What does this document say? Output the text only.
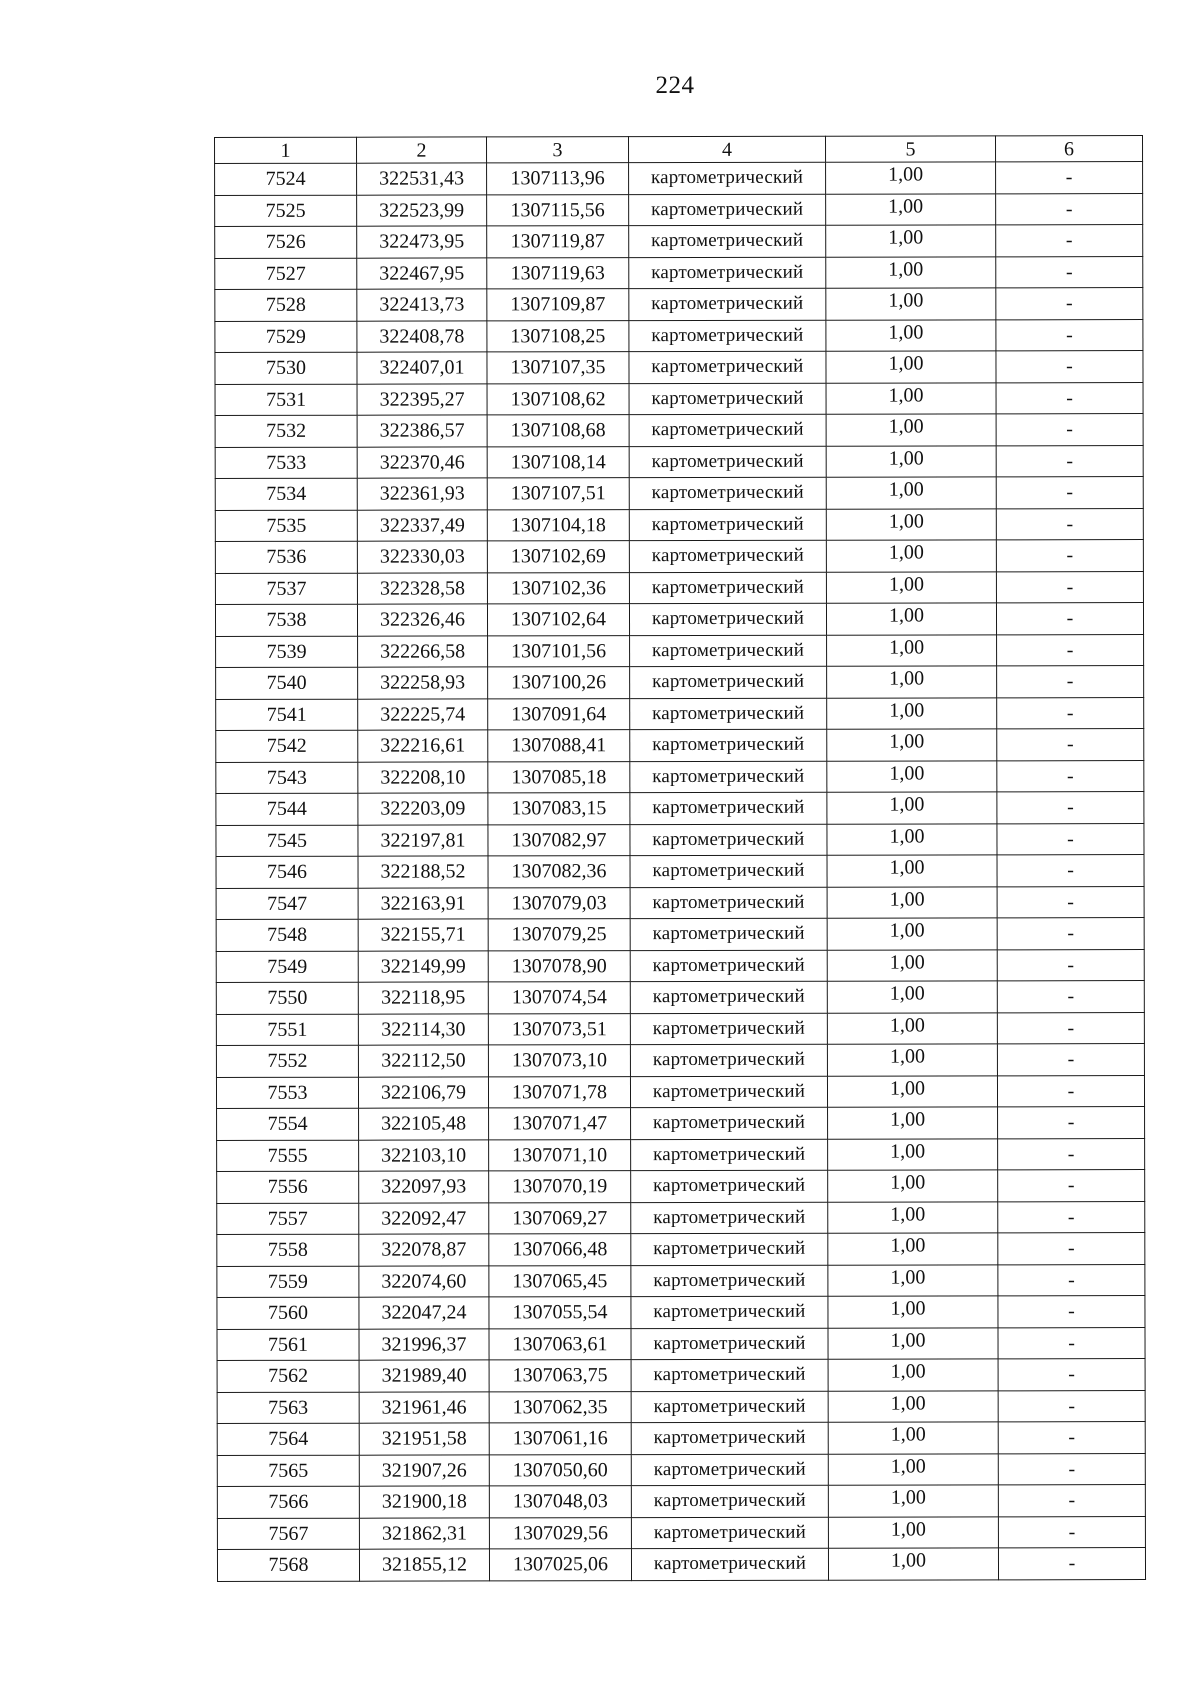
224
1	2	3	4	5	6
7524	322531,43	1307113,96	картометрический	1,00	-
7525	322523,99	1307115,56	картометрический	1,00	-
7526	322473,95	1307119,87	картометрический	1,00	-
7527	322467,95	1307119,63	картометрический	1,00	-
7528	322413,73	1307109,87	картометрический	1,00	-
7529	322408,78	1307108,25	картометрический	1,00	-
7530	322407,01	1307107,35	картометрический	1,00	-
7531	322395,27	1307108,62	картометрический	1,00	-
7532	322386,57	1307108,68	картометрический	1,00	-
7533	322370,46	1307108,14	картометрический	1,00	-
7534	322361,93	1307107,51	картометрический	1,00	-
7535	322337,49	1307104,18	картометрический	1,00	-
7536	322330,03	1307102,69	картометрический	1,00	-
7537	322328,58	1307102,36	картометрический	1,00	-
7538	322326,46	1307102,64	картометрический	1,00	-
7539	322266,58	1307101,56	картометрический	1,00	-
7540	322258,93	1307100,26	картометрический	1,00	-
7541	322225,74	1307091,64	картометрический	1,00	-
7542	322216,61	1307088,41	картометрический	1,00	-
7543	322208,10	1307085,18	картометрический	1,00	-
7544	322203,09	1307083,15	картометрический	1,00	-
7545	322197,81	1307082,97	картометрический	1,00	-
7546	322188,52	1307082,36	картометрический	1,00	-
7547	322163,91	1307079,03	картометрический	1,00	-
7548	322155,71	1307079,25	картометрический	1,00	-
7549	322149,99	1307078,90	картометрический	1,00	-
7550	322118,95	1307074,54	картометрический	1,00	-
7551	322114,30	1307073,51	картометрический	1,00	-
7552	322112,50	1307073,10	картометрический	1,00	-
7553	322106,79	1307071,78	картометрический	1,00	-
7554	322105,48	1307071,47	картометрический	1,00	-
7555	322103,10	1307071,10	картометрический	1,00	-
7556	322097,93	1307070,19	картометрический	1,00	-
7557	322092,47	1307069,27	картометрический	1,00	-
7558	322078,87	1307066,48	картометрический	1,00	-
7559	322074,60	1307065,45	картометрический	1,00	-
7560	322047,24	1307055,54	картометрический	1,00	-
7561	321996,37	1307063,61	картометрический	1,00	-
7562	321989,40	1307063,75	картометрический	1,00	-
7563	321961,46	1307062,35	картометрический	1,00	-
7564	321951,58	1307061,16	картометрический	1,00	-
7565	321907,26	1307050,60	картометрический	1,00	-
7566	321900,18	1307048,03	картометрический	1,00	-
7567	321862,31	1307029,56	картометрический	1,00	-
7568	321855,12	1307025,06	картометрический	1,00	-
